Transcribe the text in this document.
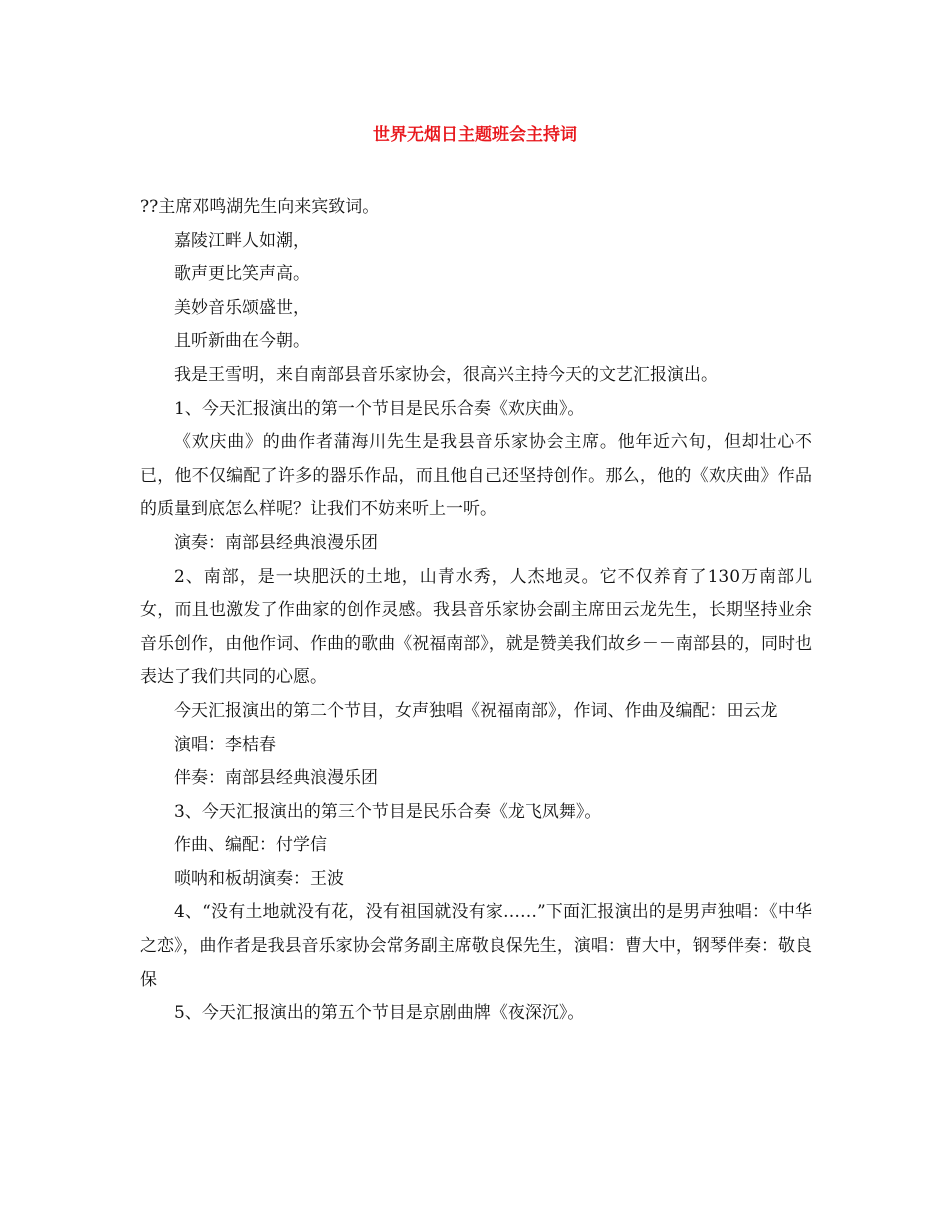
世界无烟日主题班会主持词

??主席邓鸣湖先生向来宾致词。

嘉陵江畔人如潮，

歌声更比笑声高。

美妙音乐颂盛世，

且听新曲在今朝。

我是王雪明，来自南部县音乐家协会，很高兴主持今天的文艺汇报演出。

1、今天汇报演出的第一个节目是民乐合奏《欢庆曲》。

《欢庆曲》的曲作者蒲海川先生是我县音乐家协会主席。他年近六旬，但却壮心不已，他不仅编配了许多的器乐作品，而且他自己还坚持创作。那么，他的《欢庆曲》作品的质量到底怎么样呢？让我们不妨来听上一听。

演奏：南部县经典浪漫乐团

2、南部，是一块肥沃的土地，山青水秀，人杰地灵。它不仅养育了130万南部儿女，而且也激发了作曲家的创作灵感。我县音乐家协会副主席田云龙先生，长期坚持业余音乐创作，由他作词、作曲的歌曲《祝福南部》，就是赞美我们故乡－－南部县的，同时也表达了我们共同的心愿。

今天汇报演出的第二个节目，女声独唱《祝福南部》，作词、作曲及编配：田云龙

演唱：李桔春

伴奏：南部县经典浪漫乐团

3、今天汇报演出的第三个节目是民乐合奏《龙飞凤舞》。

作曲、编配：付学信

唢呐和板胡演奏：王波

4、“没有土地就没有花，没有祖国就没有家……”下面汇报演出的是男声独唱：《中华之恋》，曲作者是我县音乐家协会常务副主席敬良保先生，演唱：曹大中，钢琴伴奏：敬良保

5、今天汇报演出的第五个节目是京剧曲牌《夜深沉》。
